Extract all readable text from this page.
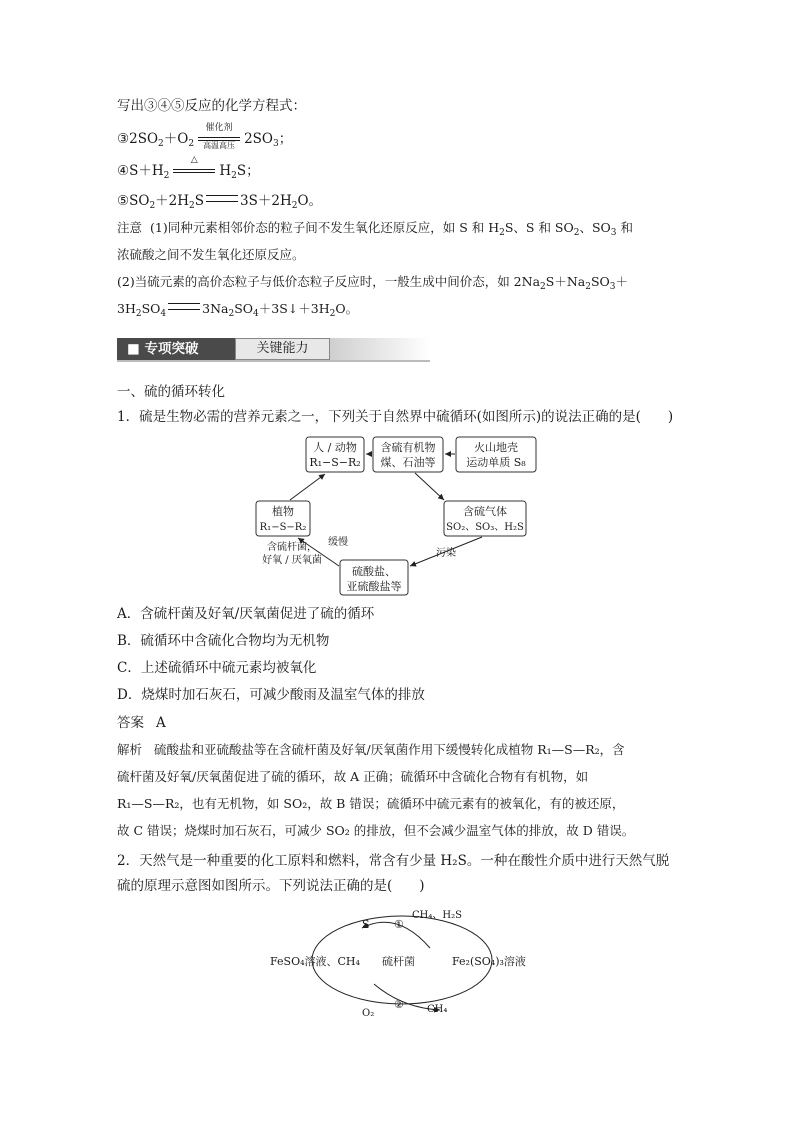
写出③④⑤反应的化学方程式：
$③2SO_2+O_2$
催化剂
高温高压 $2SO_3$；
$④S+H_2$
△
$H_2S$；
$⑤SO_2+2H_2S$	$3S+2H_2O$。
注意 (1)同种元素相邻价态的粒子间不发生氧化还原反应，如 S 和 $H_2S$、S 和 $SO_2$、$SO_3$ 和
浓硫酸之间不发生氧化还原反应。
(2)当硫元素的高价态粒子与低价态粒子反应时，一般生成中间价态，如 $2Na_2S+Na_2SO_3+$
$3H_2SO_4$	$3Na_2SO_4+3S↓+3H_2O$。
■ 专项突破	关键能力
一、硫的循环转化
1．硫是生物必需的营养元素之一，下列关于自然界中硫循环(如图所示)的说法正确的是(　　)
人 / 动物
R₁−S−R₂
含硫有机物
煤、石油等
火山地壳
运动单质 S₈
植物
R₁−S−R₂
含硫气体
SO₂、SO₃、H₂S
硫酸盐、
亚硫酸盐等
含硫杆菌，
好氧 / 厌氧菌
缓慢
污染
A．含硫杆菌及好氧/厌氧菌促进了硫的循环
B．硫循环中含硫化合物均为无机物
C．上述硫循环中硫元素均被氧化
D．烧煤时加石灰石，可减少酸雨及温室气体的排放
答案 A
解析 硫酸盐和亚硫酸盐等在含硫杆菌及好氧/厌氧菌作用下缓慢转化成植物 R₁—S—R₂，含
硫杆菌及好氧/厌氧菌促进了硫的循环，故 A 正确；硫循环中含硫化合物有有机物，如
R₁—S—R₂，也有无机物，如 SO₂，故 B 错误；硫循环中硫元素有的被氧化，有的被还原，
故 C 错误；烧煤时加石灰石，可减少 SO₂ 的排放，但不会减少温室气体的排放，故 D 错误。
2．天然气是一种重要的化工原料和燃料，常含有少量 H₂S。一种在酸性介质中进行天然气脱
硫的原理示意图如图所示。下列说法正确的是(　　)
S ①
CH₄、H₂S
FeSO₄溶液、CH₄ 硫杆菌	Fe₂(SO₄)₃溶液
②
O₂	CH₄
